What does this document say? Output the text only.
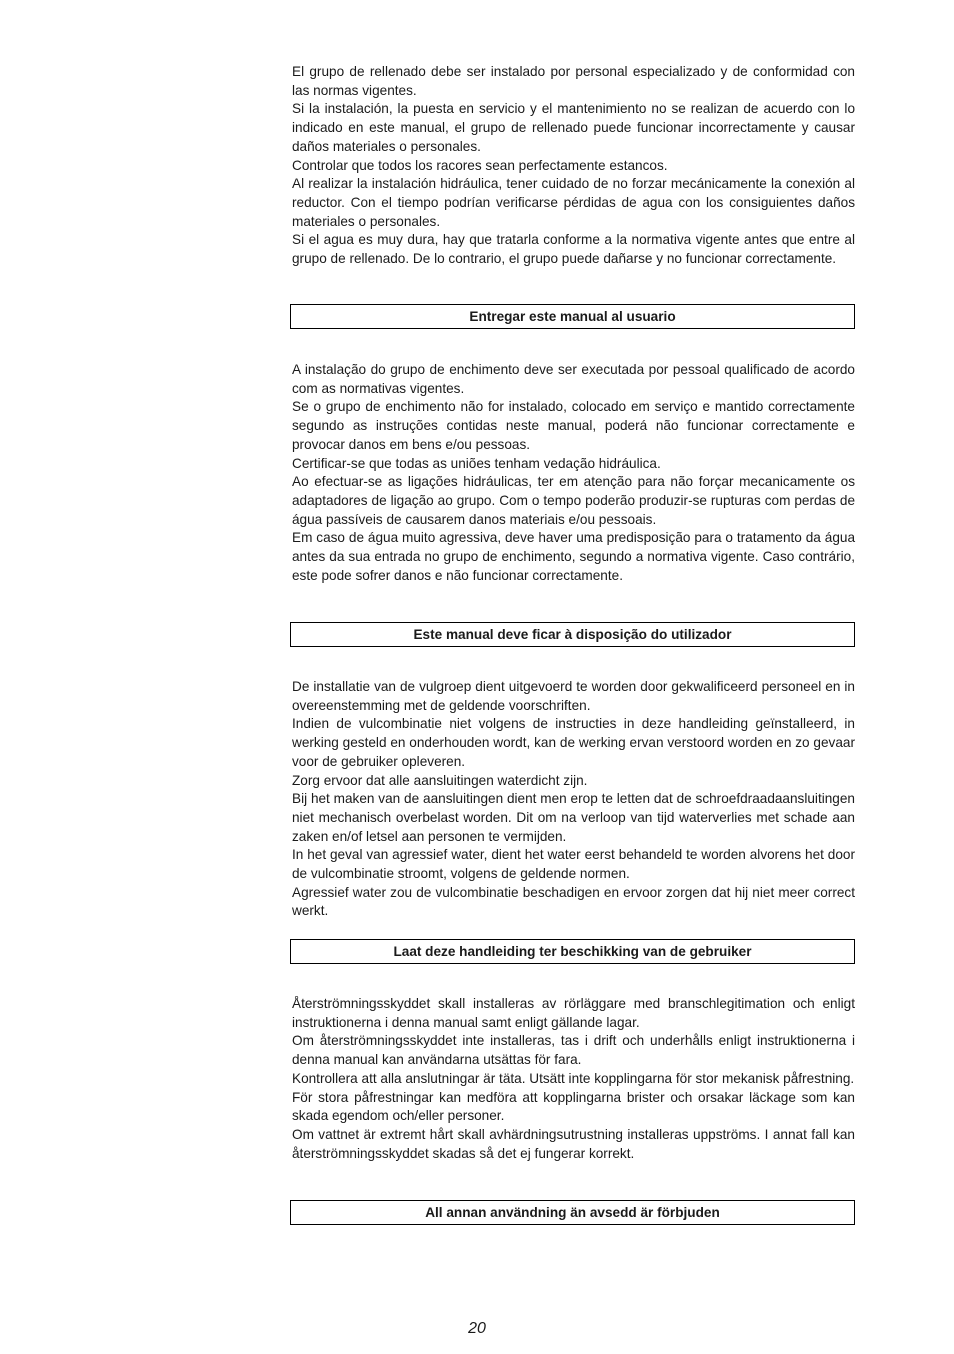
El grupo de rellenado debe ser instalado por personal especializado y de conformidad con las normas vigentes.

Si la instalación, la puesta en servicio y el mantenimiento no se realizan de acuerdo con lo indicado en este manual, el grupo de rellenado puede funcionar incorrectamente y causar daños materiales o personales.

Controlar que todos los racores sean perfectamente estancos.

Al realizar la instalación hidráulica, tener cuidado de no forzar mecánicamente la conexión al reductor. Con el tiempo podrían verificarse pérdidas de agua con los consiguientes daños materiales o personales.

Si el agua es muy dura, hay que tratarla conforme a la normativa vigente antes que entre al grupo de rellenado. De lo contrario, el grupo puede dañarse y no funcionar correctamente.

Entregar este manual al usuario

A instalação do grupo de enchimento deve ser executada por pessoal qualificado de acordo com as normativas vigentes.

Se o grupo de enchimento não for instalado, colocado em serviço e mantido correctamente segundo as instruções contidas neste manual, poderá não funcionar correctamente e provocar danos em bens e/ou pessoas.

Certificar-se que todas as uniões tenham vedação hidráulica.

Ao efectuar-se as ligações hidráulicas, ter em atenção para não forçar mecanicamente os adaptadores de ligação ao grupo. Com o tempo poderão produzir-se rupturas com perdas de água passíveis de causarem danos materiais e/ou pessoais.

Em caso de água muito agressiva, deve haver uma predisposição para o tratamento da água antes da sua entrada no grupo de enchimento, segundo a normativa vigente. Caso contrário, este pode sofrer danos e não funcionar correctamente.

Este manual deve ficar à disposição do utilizador

De installatie van de vulgroep dient uitgevoerd te worden door gekwalificeerd personeel en in overeenstemming met de geldende voorschriften.

Indien de vulcombinatie niet volgens de instructies in deze handleiding geïnstalleerd, in werking gesteld en onderhouden wordt, kan de werking ervan verstoord worden en zo gevaar voor de gebruiker opleveren.

Zorg ervoor dat alle aansluitingen waterdicht zijn.

Bij het maken van de aansluitingen dient men erop te letten dat de schroefdraadaansluitingen niet mechanisch overbelast worden. Dit om na verloop van tijd waterverlies met schade aan zaken en/of letsel aan personen te vermijden.

In het geval van agressief water, dient het water eerst behandeld te worden alvorens het door de vulcombinatie stroomt, volgens de geldende normen.

Agressief water zou de vulcombinatie beschadigen en ervoor zorgen dat hij niet meer correct werkt.

Laat deze handleiding ter beschikking van de gebruiker

Återströmningsskyddet skall installeras av rörläggare med branschlegitimation och enligt instruktionerna i denna manual samt enligt gällande lagar.

Om återströmningsskyddet inte installeras, tas i drift och underhålls enligt instruktionerna i denna manual kan användarna utsättas för fara.

Kontrollera att alla anslutningar är täta. Utsätt inte kopplingarna för stor mekanisk påfrestning.

För stora påfrestningar kan medföra att kopplingarna brister och orsakar läckage som kan skada egendom och/eller personer.

Om vattnet är extremt hårt skall avhärdningsutrustning installeras uppströms. I annat fall kan återströmningsskyddet skadas så det ej fungerar korrekt.

All annan användning än avsedd är förbjuden
20
